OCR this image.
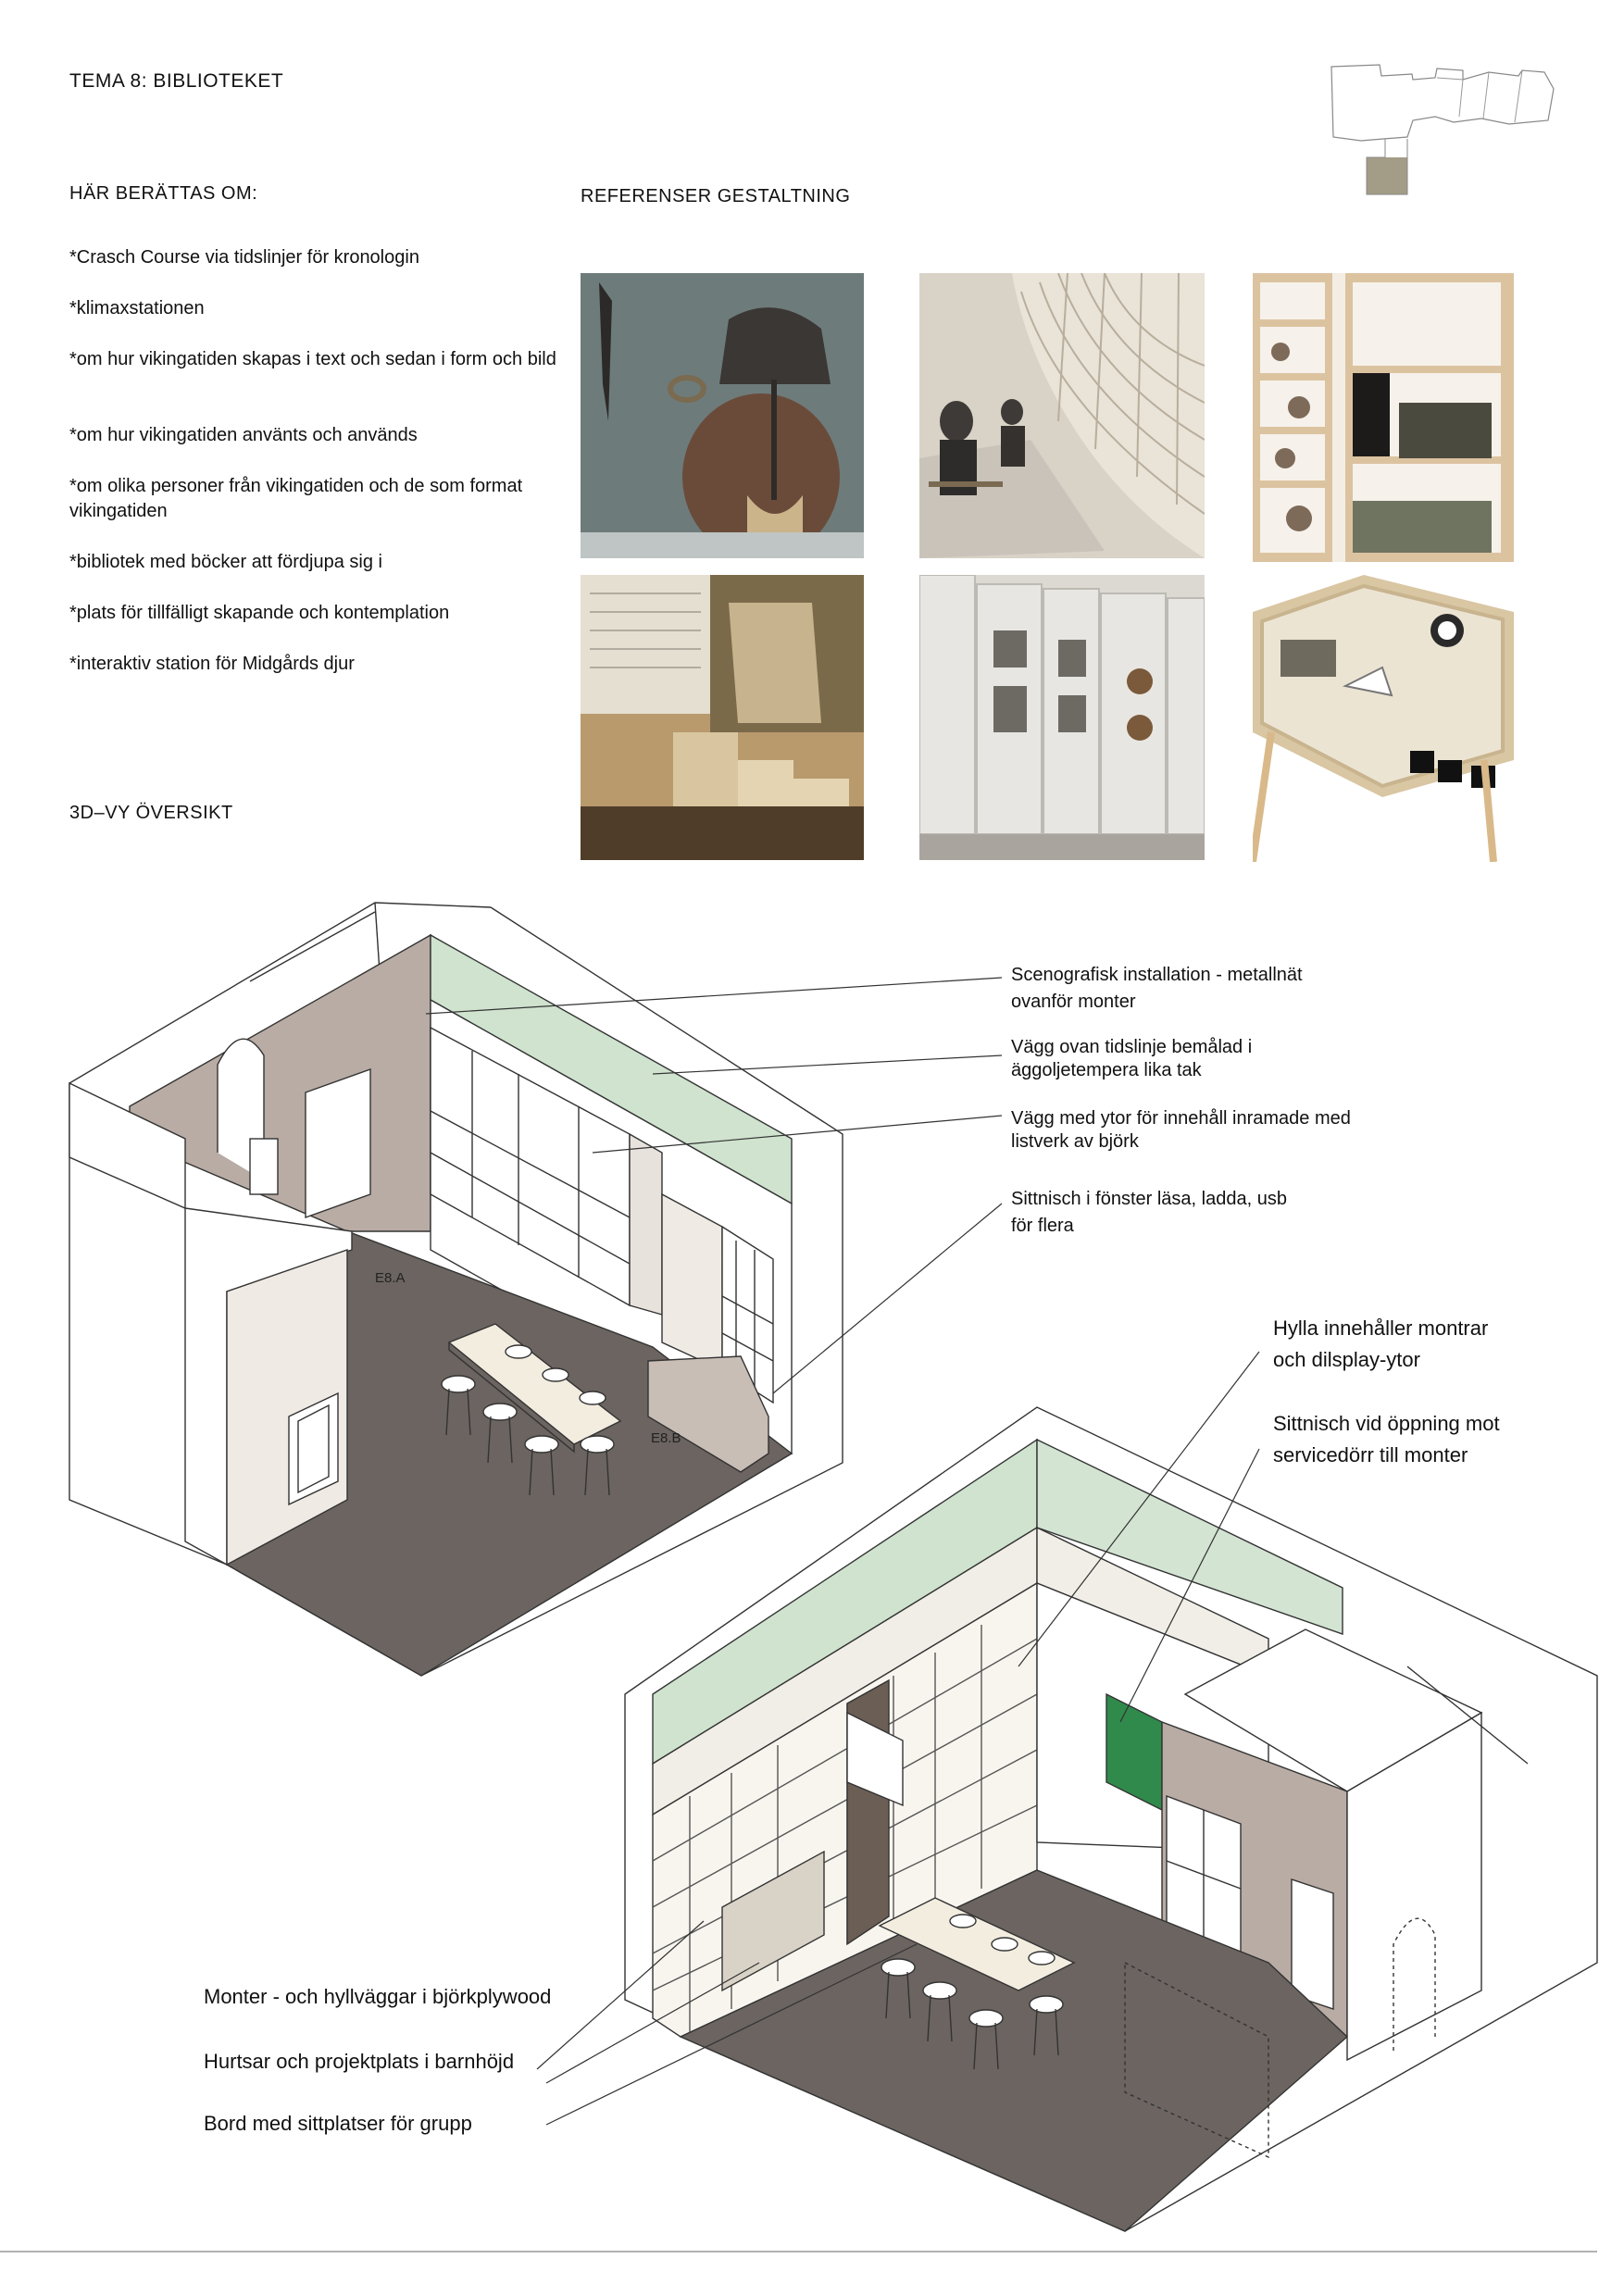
TEMA 8: BIBLIOTEKET
HÄR BERÄTTAS OM:
*Crasch Course via tidslinjer för kronologin
*klimaxstationen
*om hur vikingatiden skapas i text och sedan i form och bild
*om hur vikingatiden använts och används
*om olika personer från vikingatiden och de som format vikingatiden
*bibliotek med böcker att fördjupa sig i
*plats för tillfälligt skapande och kontemplation
*interaktiv station för Midgårds djur
3D–VY ÖVERSIKT
REFERENSER GESTALTNING
E8.A
E8.B
Scenografisk installation - metallnät
ovanför monter
Vägg ovan tidslinje bemålad i
äggoljetempera lika tak
Vägg med ytor för innehåll inramade med
listverk av björk
Sittnisch i fönster läsa, ladda, usb
för flera
Hylla innehåller montrar
och dilsplay-ytor
Sittnisch vid öppning mot
servicedörr till monter
Monter - och hyllväggar i björkplywood
Hurtsar och projektplats i barnhöjd
Bord med sittplatser för grupp
